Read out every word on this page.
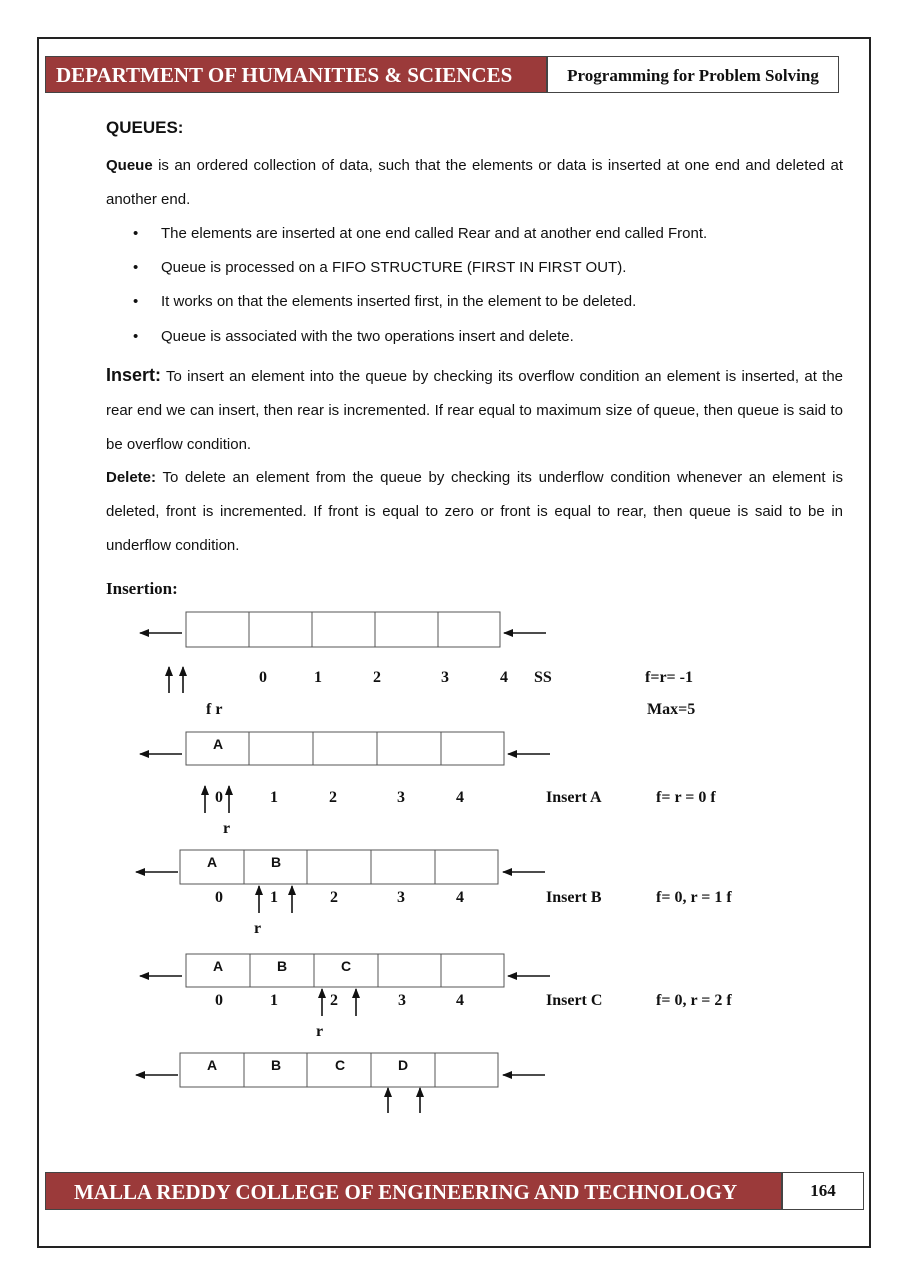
DEPARTMENT OF HUMANITIES & SCIENCES	Programming for Problem Solving
QUEUES:
Queue is an ordered collection of data, such that the elements or data is inserted at one end and deleted at another end.
• The elements are inserted at one end called Rear and at another end called Front.
• Queue is processed on a FIFO STRUCTURE (FIRST IN FIRST OUT).
• It works on that the elements inserted first, in the element to be deleted.
• Queue is associated with the two operations insert and delete.
Insert: To insert an element into the queue by checking its overflow condition an element is inserted, at the rear end we can insert, then rear is incremented. If rear equal to maximum size of queue, then queue is said to be overflow condition.
Delete: To delete an element from the queue by checking its underflow condition whenever an element is deleted, front is incremented. If front is equal to zero or front is equal to rear, then queue is said to be in underflow condition.
Insertion:
0	1	2	3	4 SS	f=r= -1
f r	Max=5
A
0	1	2	3	4	Insert A	f= r = 0 f
r
A	B
0	1	2	3	4	Insert B	f= 0, r = 1 f
r
A	B	C
0	1	2	3	4	Insert C	f= 0, r = 2 f
r
A	B	C	D
MALLA REDDY COLLEGE OF ENGINEERING AND TECHNOLOGY	164
